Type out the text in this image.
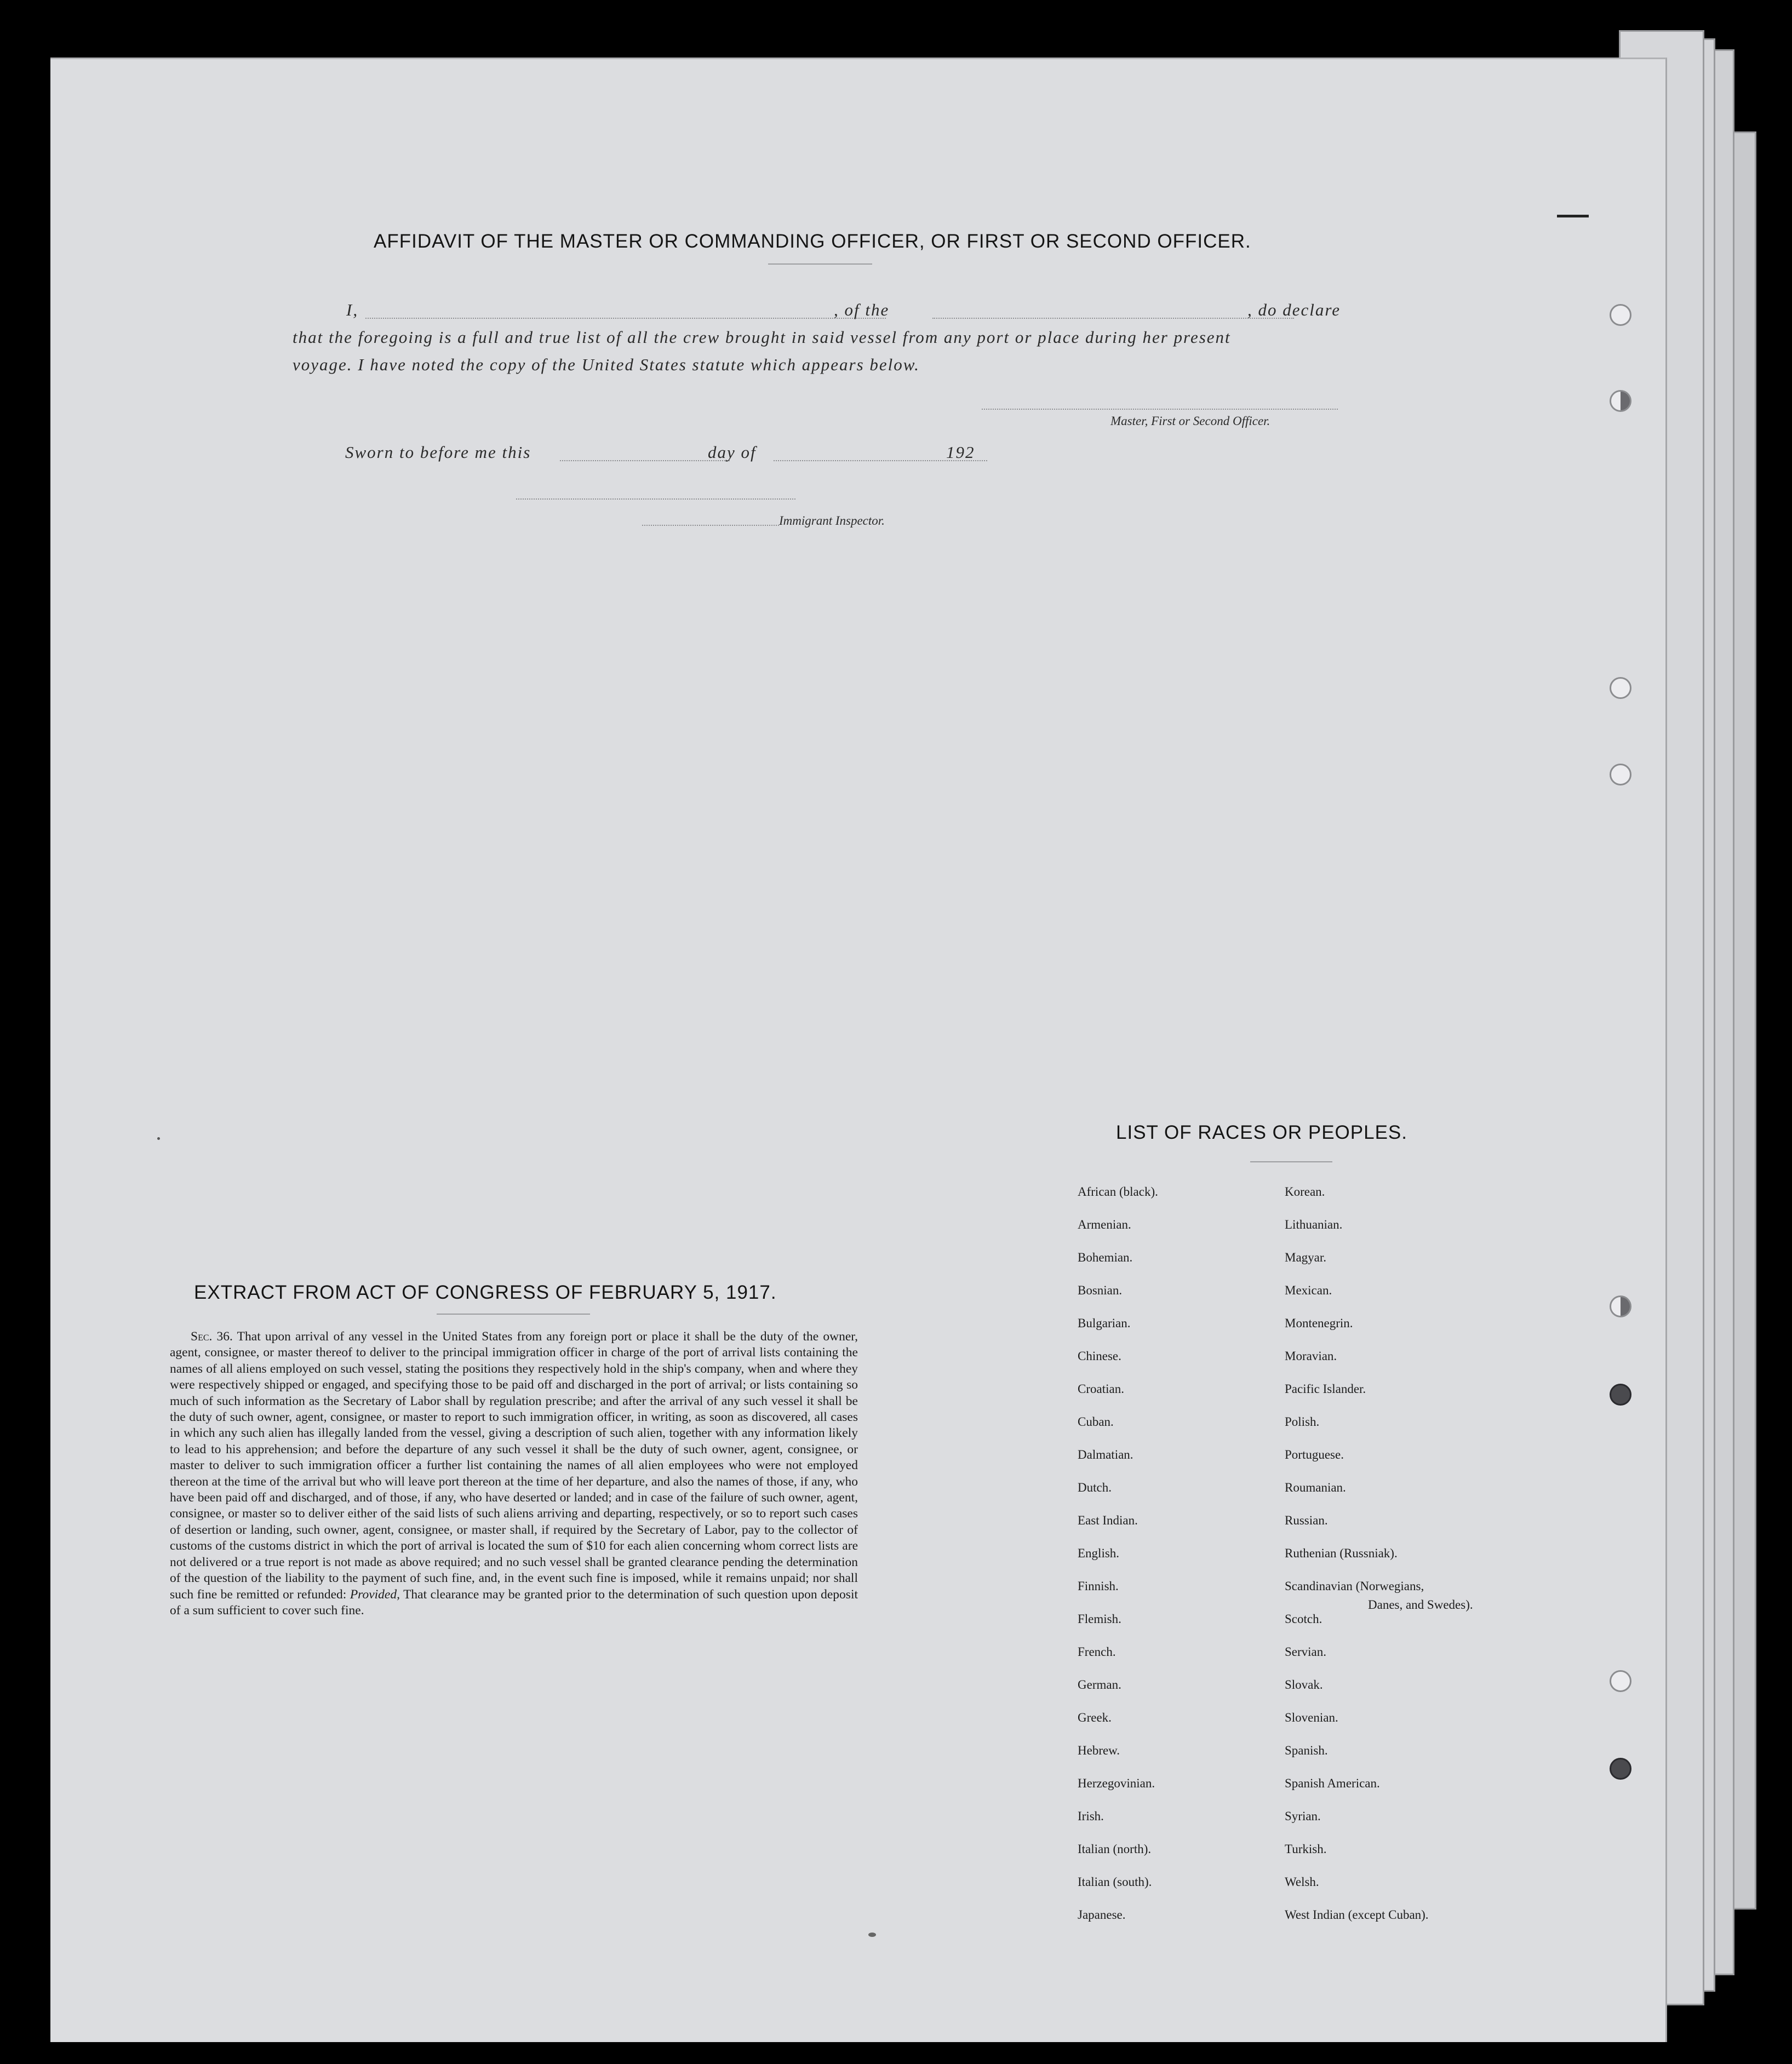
AFFIDAVIT OF THE MASTER OR COMMANDING OFFICER, OR FIRST OR SECOND OFFICER.
I,	, of the	, do declare
that the foregoing is a full and true list of all the crew brought in said vessel from any port or place during her present
voyage. I have noted the copy of the United States statute which appears below.
Master, First or Second Officer.
Sworn to before me this	day of	192
Immigrant Inspector.
EXTRACT FROM ACT OF CONGRESS OF FEBRUARY 5, 1917.
Sec. 36. That upon arrival of any vessel in the United States from any foreign port or place it shall be the duty of the owner, agent, consignee, or master thereof to deliver to the principal immigration officer in charge of the port of arrival lists containing the names of all aliens employed on such vessel, stating the positions they respectively hold in the ship's company, when and where they were respectively shipped or engaged, and specifying those to be paid off and discharged in the port of arrival; or lists containing so much of such information as the Secretary of Labor shall by regulation prescribe; and after the arrival of any such vessel it shall be the duty of such owner, agent, consignee, or master to report to such immigration officer, in writing, as soon as discovered, all cases in which any such alien has illegally landed from the vessel, giving a description of such alien, together with any information likely to lead to his apprehension; and before the departure of any such vessel it shall be the duty of such owner, agent, consignee, or master to deliver to such immigration officer a further list containing the names of all alien employees who were not employed thereon at the time of the arrival but who will leave port thereon at the time of her departure, and also the names of those, if any, who have been paid off and discharged, and of those, if any, who have deserted or landed; and in case of the failure of such owner, agent, consignee, or master so to deliver either of the said lists of such aliens arriving and departing, respectively, or so to report such cases of desertion or landing, such owner, agent, consignee, or master shall, if required by the Secretary of Labor, pay to the collector of customs of the customs district in which the port of arrival is located the sum of $10 for each alien concerning whom correct lists are not delivered or a true report is not made as above required; and no such vessel shall be granted clearance pending the determination of the question of the liability to the payment of such fine, and, in the event such fine is imposed, while it remains unpaid; nor shall such fine be remitted or refunded: Provided, That clearance may be granted prior to the determination of such question upon deposit of a sum sufficient to cover such fine.
LIST OF RACES OR PEOPLES.
African (black).
Armenian.
Bohemian.
Bosnian.
Bulgarian.
Chinese.
Croatian.
Cuban.
Dalmatian.
Dutch.
East Indian.
English.
Finnish.
Flemish.
French.
German.
Greek.
Hebrew.
Herzegovinian.
Irish.
Italian (north).
Italian (south).
Japanese.
Korean.
Lithuanian.
Magyar.
Mexican.
Montenegrin.
Moravian.
Pacific Islander.
Polish.
Portuguese.
Roumanian.
Russian.
Ruthenian (Russniak).
Scandinavian (Norwegians,
Scotch.
Servian.
Slovak.
Slovenian.
Spanish.
Spanish American.
Syrian.
Turkish.
Welsh.
West Indian (except Cuban).
Danes, and Swedes).
